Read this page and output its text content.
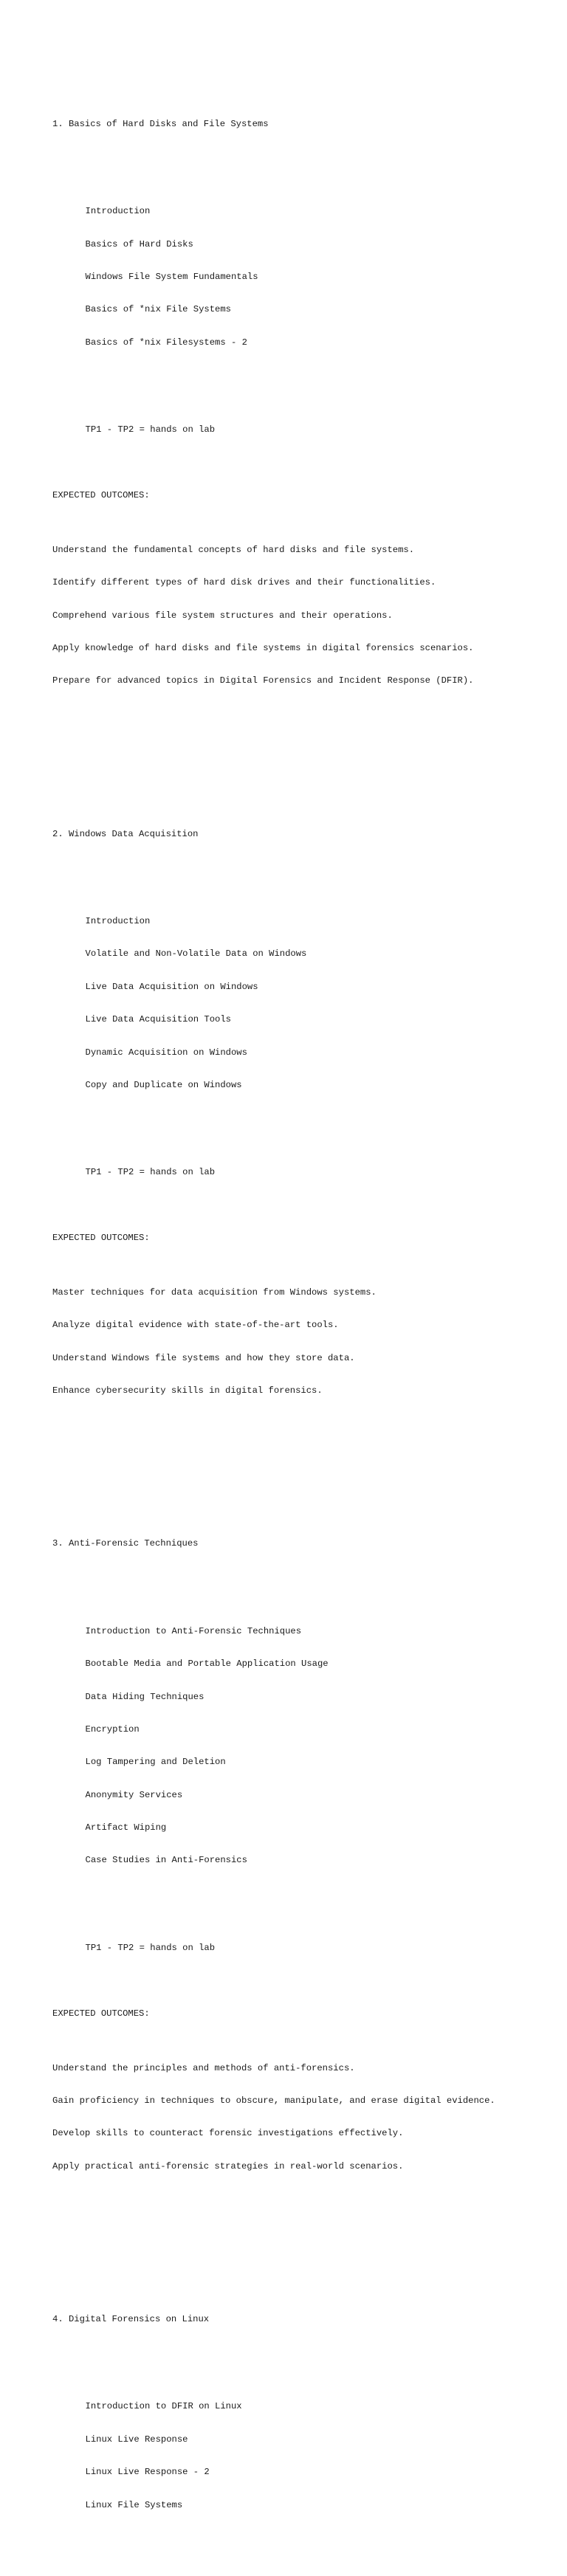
1. Basics of Hard Disks and File Systems

Introduction

Basics of Hard Disks

Windows File System Fundamentals

Basics of *nix File Systems

Basics of *nix Filesystems - 2

TP1 - TP2 = hands on lab

EXPECTED OUTCOMES:

Understand the fundamental concepts of hard disks and file systems.

Identify different types of hard disk drives and their functionalities.

Comprehend various file system structures and their operations.

Apply knowledge of hard disks and file systems in digital forensics scenarios.

Prepare for advanced topics in Digital Forensics and Incident Response (DFIR).

2. Windows Data Acquisition

Introduction

Volatile and Non-Volatile Data on Windows

Live Data Acquisition on Windows

Live Data Acquisition Tools

Dynamic Acquisition on Windows

Copy and Duplicate on Windows

TP1 - TP2 = hands on lab

EXPECTED OUTCOMES:

Master techniques for data acquisition from Windows systems.

Analyze digital evidence with state-of-the-art tools.

Understand Windows file systems and how they store data.

Enhance cybersecurity skills in digital forensics.

3. Anti-Forensic Techniques

Introduction to Anti-Forensic Techniques

Bootable Media and Portable Application Usage

Data Hiding Techniques

Encryption

Log Tampering and Deletion

Anonymity Services

Artifact Wiping

Case Studies in Anti-Forensics

TP1 - TP2 = hands on lab

EXPECTED OUTCOMES:

Understand the principles and methods of anti-forensics.

Gain proficiency in techniques to obscure, manipulate, and erase digital evidence.

Develop skills to counteract forensic investigations effectively.

Apply practical anti-forensic strategies in real-world scenarios.

4. Digital Forensics on Linux

Introduction to DFIR on Linux

Linux Live Response

Linux Live Response - 2

Linux File Systems
